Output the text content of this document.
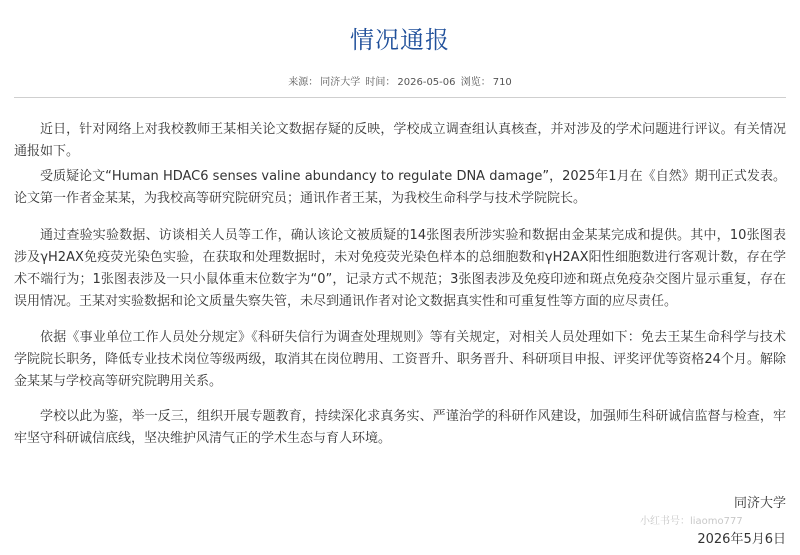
情况通报
来源： 同济大学 时间： 2026-05-06 浏览： 710

近日，针对网络上对我校教师王某相关论文数据存疑的反映，学校成立调查组认真核查，并对涉及的学术问题进行评议。有关情况通报如下。

受质疑论文“Human HDAC6 senses valine abundancy to regulate DNA damage”，2025年1月在《自然》期刊正式发表。论文第一作者金某某，为我校高等研究院研究员；通讯作者王某，为我校生命科学与技术学院院长。

通过查验实验数据、访谈相关人员等工作，确认该论文被质疑的14张图表所涉实验和数据由金某某完成和提供。其中，10张图表涉及γH2AX免疫荧光染色实验，在获取和处理数据时，未对免疫荧光染色样本的总细胞数和γH2AX阳性细胞数进行客观计数，存在学术不端行为；1张图表涉及一只小鼠体重末位数字为“0”，记录方式不规范；3张图表涉及免疫印迹和斑点免疫杂交图片显示重复，存在误用情况。王某对实验数据和论文质量失察失管，未尽到通讯作者对论文数据真实性和可重复性等方面的应尽责任。

依据《事业单位工作人员处分规定》《科研失信行为调查处理规则》等有关规定，对相关人员处理如下：免去王某生命科学与技术学院院长职务，降低专业技术岗位等级两级，取消其在岗位聘用、工资晋升、职务晋升、科研项目申报、评奖评优等资格24个月。解除金某某与学校高等研究院聘用关系。

学校以此为鉴，举一反三，组织开展专题教育，持续深化求真务实、严谨治学的科研作风建设，加强师生科研诚信监督与检查，牢牢坚守科研诚信底线，坚决维护风清气正的学术生态与育人环境。

同济大学
小红书号：liaomo777
2026年5月6日
